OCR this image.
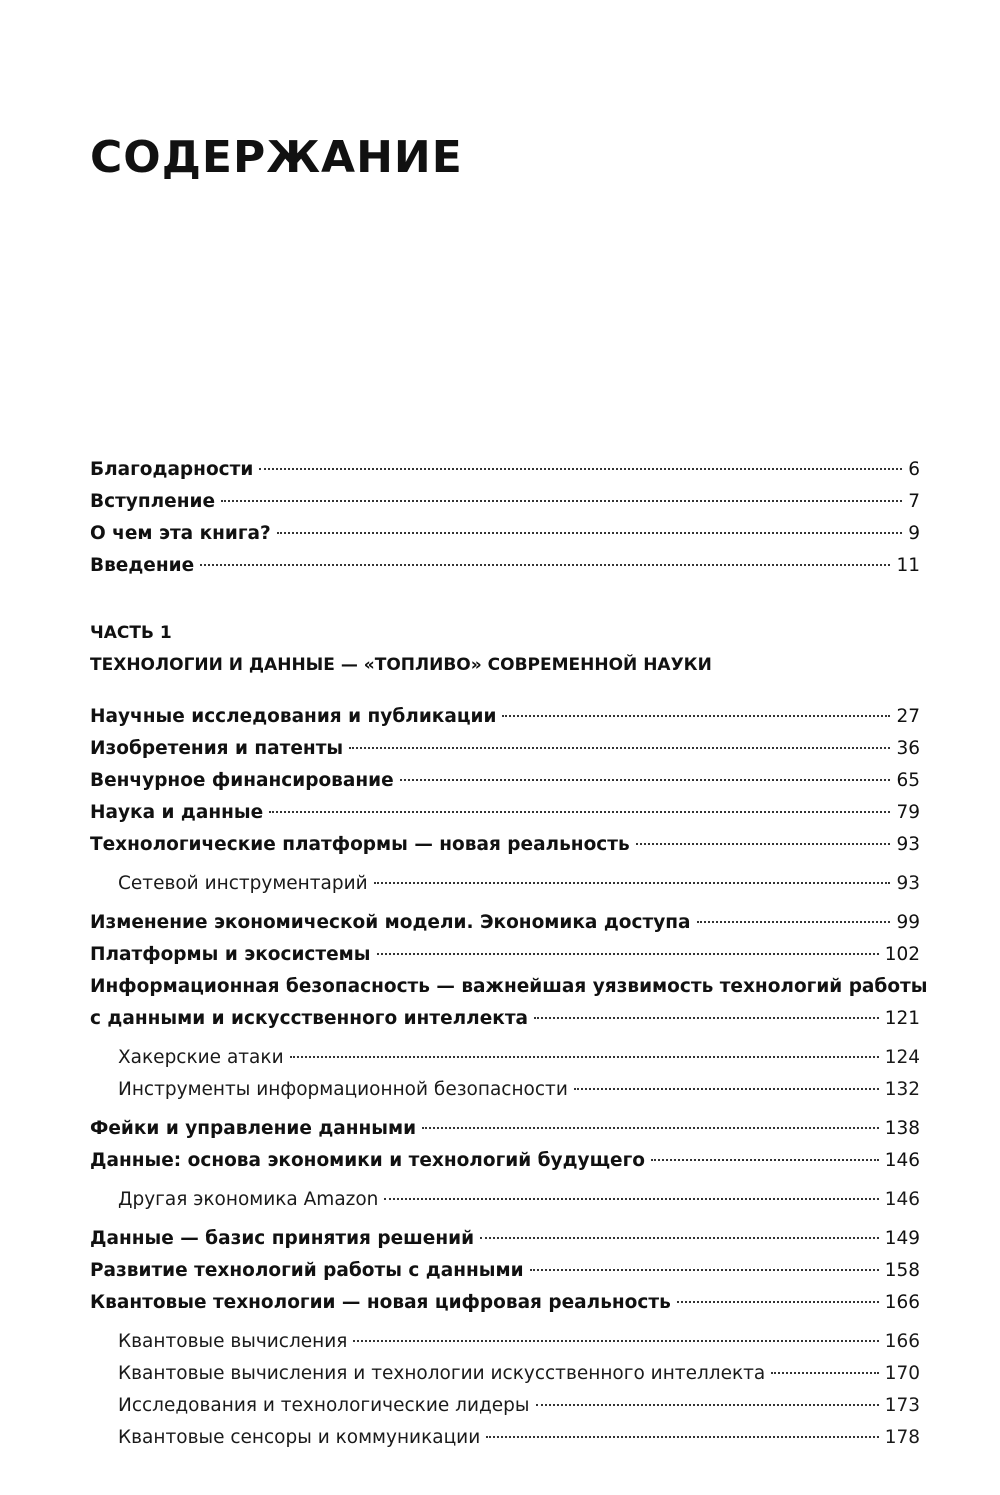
СОДЕРЖАНИЕ
Благодарности	6
Вступление	7
О чем эта книга?	9
Введение	11
ЧАСТЬ 1
ТЕХНОЛОГИИ И ДАННЫЕ — «ТОПЛИВО» СОВРЕМЕННОЙ НАУКИ
Научные исследования и публикации	27
Изобретения и патенты	36
Венчурное финансирование	65
Наука и данные	79
Технологические платформы — новая реальность	93
Сетевой инструментарий	93
Изменение экономической модели. Экономика доступа	99
Платформы и экосистемы	102
Информационная безопасность — важнейшая уязвимость технологий работы
с данными и искусственного интеллекта	121
Хакерские атаки	124
Инструменты информационной безопасности	132
Фейки и управление данными	138
Данные: основа экономики и технологий будущего	146
Другая экономика Amazon	146
Данные — базис принятия решений	149
Развитие технологий работы с данными	158
Квантовые технологии — новая цифровая реальность	166
Квантовые вычисления	166
Квантовые вычисления и технологии искусственного интеллекта	170
Исследования и технологические лидеры	173
Квантовые сенсоры и коммуникации	178
